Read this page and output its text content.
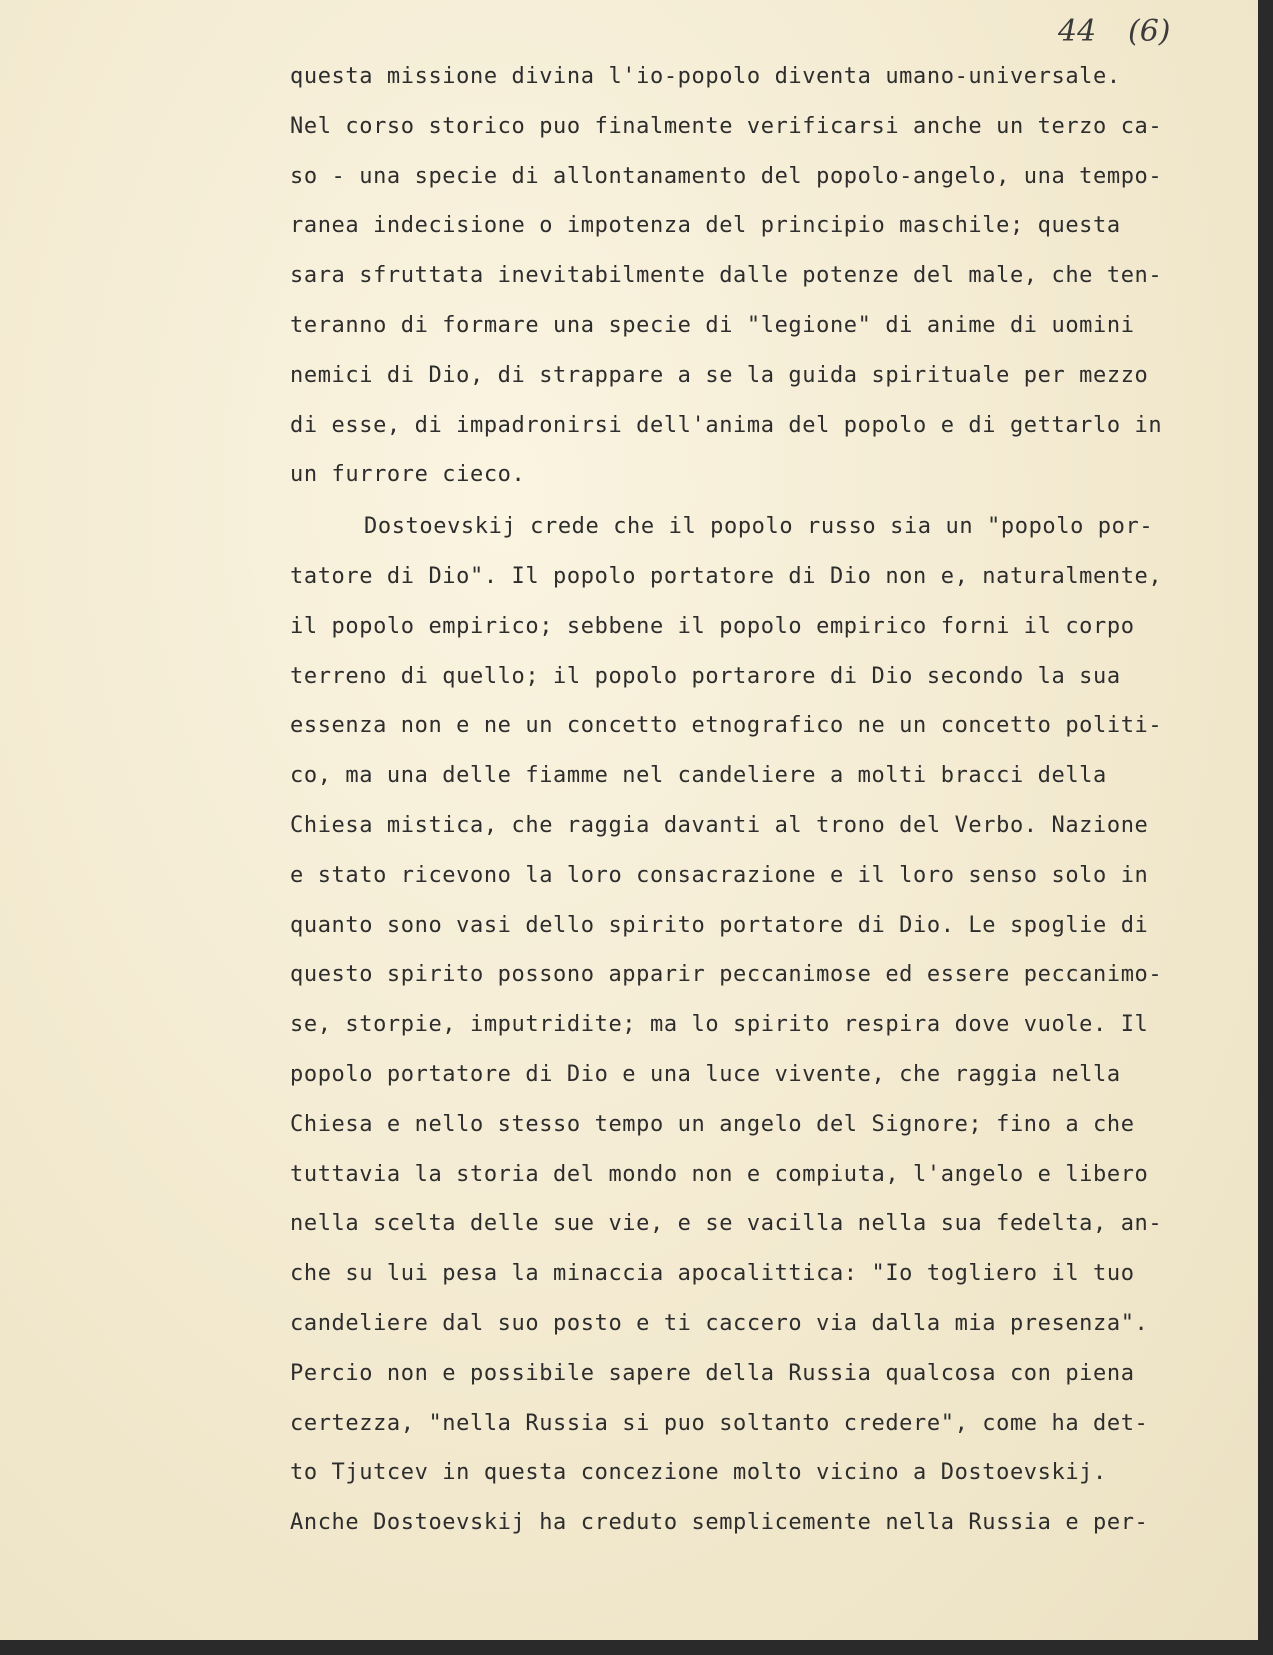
44 (6)
questa missione divina l'io-popolo diventa umano-universale.
Nel corso storico puo finalmente verificarsi anche un terzo ca-
so - una specie di allontanamento del popolo-angelo, una tempo-
ranea indecisione o impotenza del principio maschile; questa
sara sfruttata inevitabilmente dalle potenze del male, che ten-
teranno di formare una specie di "legione" di anime di uomini
nemici di Dio, di strappare a se la guida spirituale per mezzo
di esse, di impadronirsi dell'anima del popolo e di gettarlo in
un furrore cieco.
Dostoevskij crede che il popolo russo sia un "popolo por-
tatore di Dio". Il popolo portatore di Dio non e, naturalmente,
il popolo empirico; sebbene il popolo empirico forni il corpo
terreno di quello; il popolo portarore di Dio secondo la sua
essenza non e ne un concetto etnografico ne un concetto politi-
co, ma una delle fiamme nel candeliere a molti bracci della
Chiesa mistica, che raggia davanti al trono del Verbo. Nazione
e stato ricevono la loro consacrazione e il loro senso solo in
quanto sono vasi dello spirito portatore di Dio. Le spoglie di
questo spirito possono apparir peccanimose ed essere peccanimo-
se, storpie, imputridite; ma lo spirito respira dove vuole. Il
popolo portatore di Dio e una luce vivente, che raggia nella
Chiesa e nello stesso tempo un angelo del Signore; fino a che
tuttavia la storia del mondo non e compiuta, l'angelo e libero
nella scelta delle sue vie, e se vacilla nella sua fedelta, an-
che su lui pesa la minaccia apocalittica: "Io togliero il tuo
candeliere dal suo posto e ti caccero via dalla mia presenza".
Percio non e possibile sapere della Russia qualcosa con piena
certezza, "nella Russia si puo soltanto credere", come ha det-
to Tjutcev in questa concezione molto vicino a Dostoevskij.
Anche Dostoevskij ha creduto semplicemente nella Russia e per-
